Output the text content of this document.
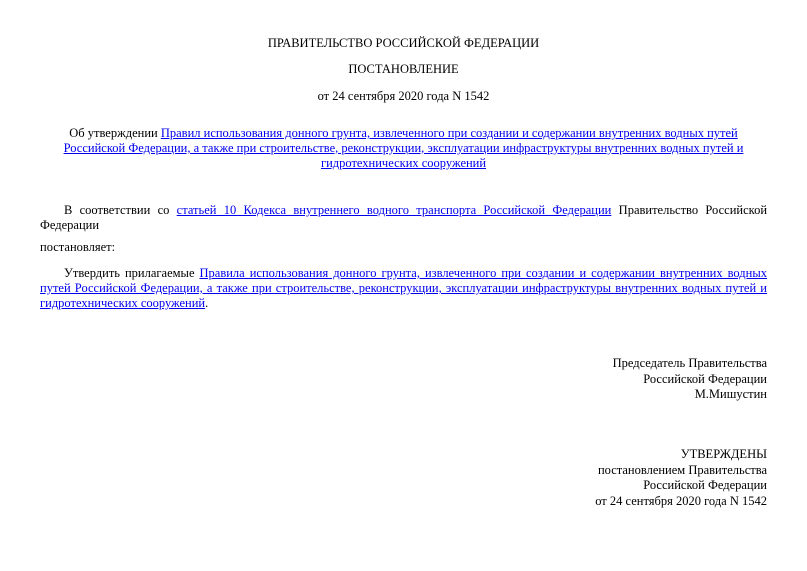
ПРАВИТЕЛЬСТВО РОССИЙСКОЙ ФЕДЕРАЦИИ
ПОСТАНОВЛЕНИЕ
от 24 сентября 2020 года N 1542
Об утверждении Правил использования донного грунта, извлеченного при создании и содержании внутренних водных путей Российской Федерации, а также при строительстве, реконструкции, эксплуатации инфраструктуры внутренних водных путей и гидротехнических сооружений
В соответствии со статьей 10 Кодекса внутреннего водного транспорта Российской Федерации Правительство Российской Федерации
постановляет:
Утвердить прилагаемые Правила использования донного грунта, извлеченного при создании и содержании внутренних водных путей Российской Федерации, а также при строительстве, реконструкции, эксплуатации инфраструктуры внутренних водных путей и гидротехнических сооружений.
Председатель Правительства
Российской Федерации
М.Мишустин
УТВЕРЖДЕНЫ
постановлением Правительства
Российской Федерации
от 24 сентября 2020 года N 1542
